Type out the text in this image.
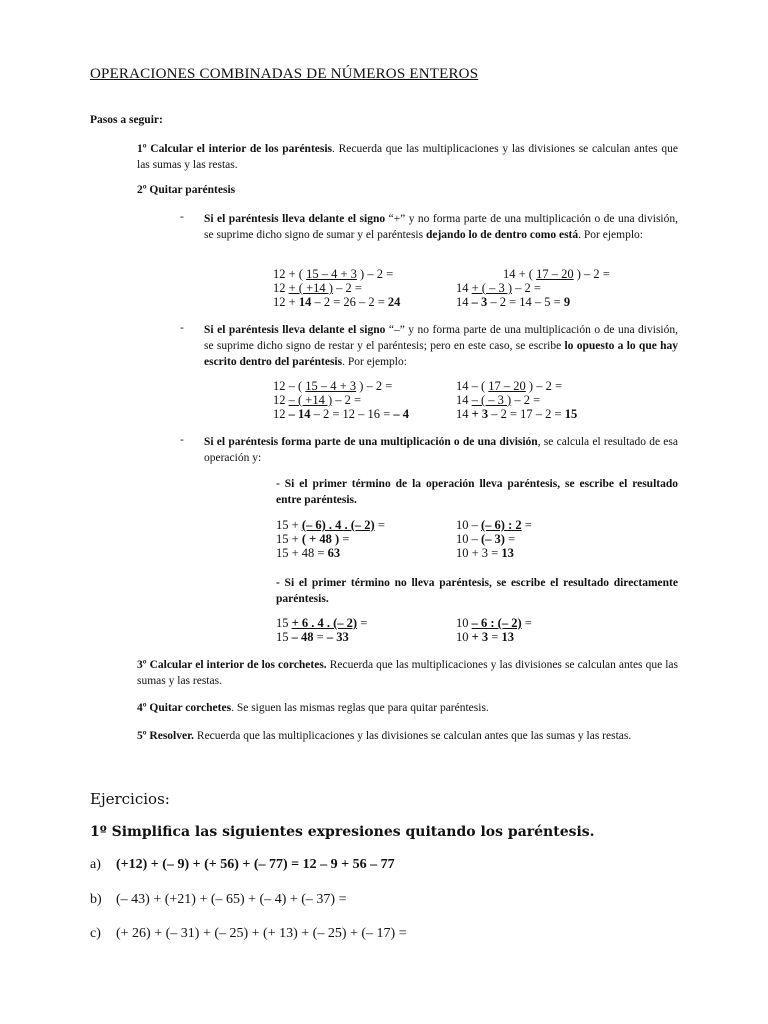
OPERACIONES COMBINADAS DE NÚMEROS ENTEROS
Pasos a seguir:
1º Calcular el interior de los paréntesis. Recuerda que las multiplicaciones y las divisiones se calculan antes que las sumas y las restas.
2º Quitar paréntesis
- Si el paréntesis lleva delante el signo “+” y no forma parte de una multiplicación o de una división, se suprime dicho signo de sumar y el paréntesis dejando lo de dentro como está. Por ejemplo:
12 + ( 15 – 4 + 3 ) – 2 =
12 + ( +14 ) – 2 =
12 + 14 – 2 = 26 – 2 = 24
14 + ( 17 – 20 ) – 2 =
14 + ( – 3 ) – 2 =
14 – 3 – 2 = 14 – 5 = 9
- Si el paréntesis lleva delante el signo “–” y no forma parte de una multiplicación o de una división, se suprime dicho signo de restar y el paréntesis; pero en este caso, se escribe lo opuesto a lo que hay escrito dentro del paréntesis. Por ejemplo:
12 – ( 15 – 4 + 3 ) – 2 =
12 – ( +14 ) – 2 =
12 – 14 – 2 = 12 – 16 = – 4
14 – ( 17 – 20 ) – 2 =
14 – ( – 3 ) – 2 =
14 + 3 – 2 = 17 – 2 = 15
- Si el paréntesis forma parte de una multiplicación o de una división, se calcula el resultado de esa operación y:
- Si el primer término de la operación lleva paréntesis, se escribe el resultado entre paréntesis.
15 + (– 6) . 4 . (– 2) =
15 + ( + 48 ) =
15 + 48 = 63
10 – (– 6) : 2 =
10 – (– 3) =
10 + 3 = 13
- Si el primer término no lleva paréntesis, se escribe el resultado directamente paréntesis.
15 + 6 . 4 . (– 2) =
15 – 48 = – 33
10 – 6 : (– 2) =
10 + 3 = 13
3º Calcular el interior de los corchetes. Recuerda que las multiplicaciones y las divisiones se calculan antes que las sumas y las restas.
4º Quitar corchetes. Se siguen las mismas reglas que para quitar paréntesis.
5º Resolver. Recuerda que las multiplicaciones y las divisiones se calculan antes que las sumas y las restas.
Ejercicios:
1º Simplifica las siguientes expresiones quitando los paréntesis.
a) (+12) + (– 9) + (+ 56) + (– 77) = 12 – 9 + 56 – 77
b) (– 43) + (+21) + (– 65) + (– 4) + (– 37) =
c) (+ 26) + (– 31) + (– 25) + (+ 13) + (– 25) + (– 17) =
